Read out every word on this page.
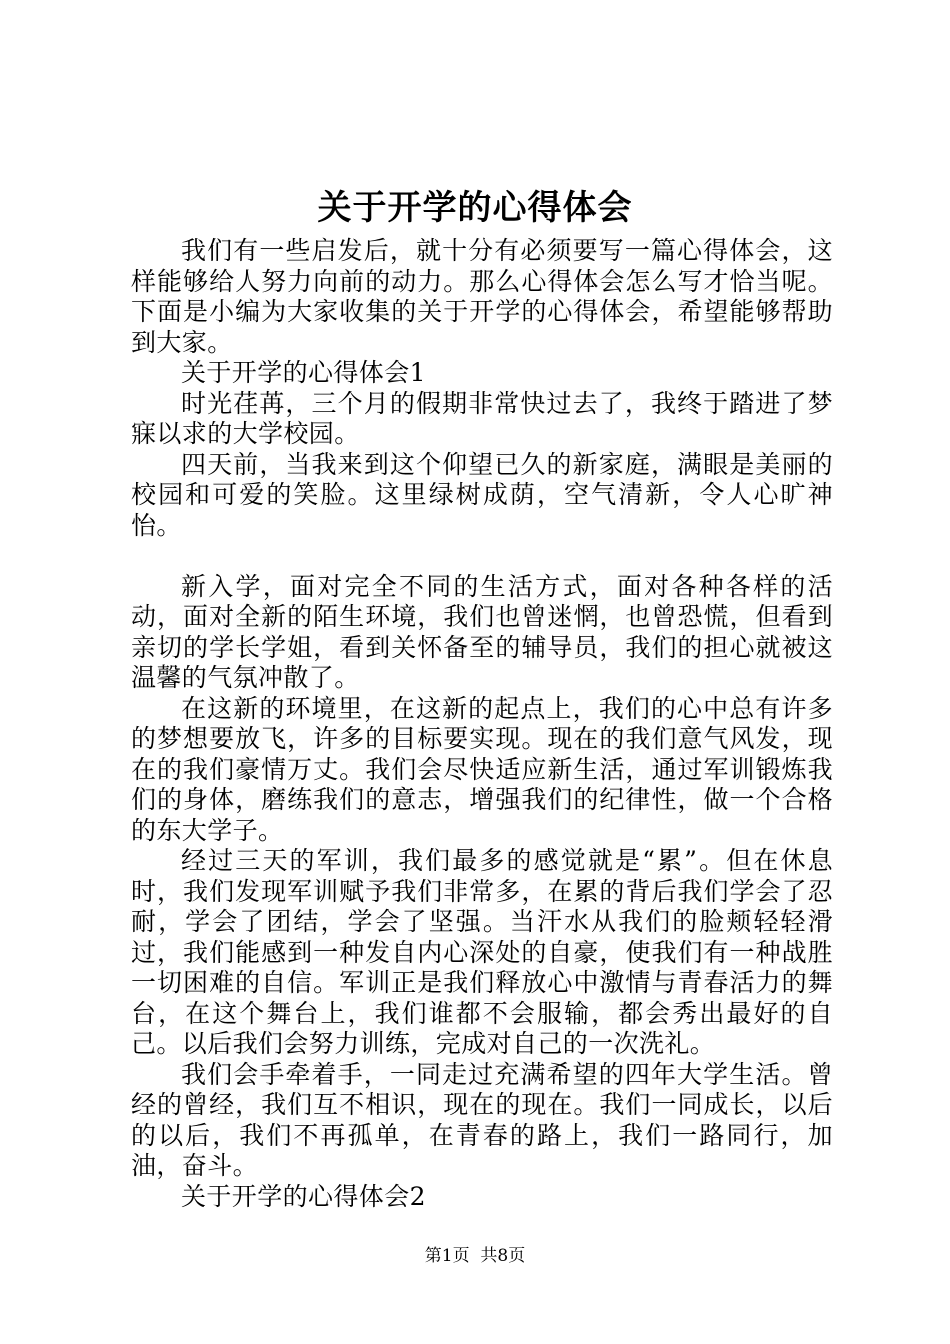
关于开学的心得体会

我们有一些启发后，就十分有必须要写一篇心得体会，这样能够给人努力向前的动力。那么心得体会怎么写才恰当呢。下面是小编为大家收集的关于开学的心得体会，希望能够帮助到大家。

关于开学的心得体会1

时光荏苒，三个月的假期非常快过去了，我终于踏进了梦寐以求的大学校园。

四天前，当我来到这个仰望已久的新家庭，满眼是美丽的校园和可爱的笑脸。这里绿树成荫，空气清新，令人心旷神怡。

新入学，面对完全不同的生活方式，面对各种各样的活动，面对全新的陌生环境，我们也曾迷惘，也曾恐慌，但看到亲切的学长学姐，看到关怀备至的辅导员，我们的担心就被这温馨的气氛冲散了。

在这新的环境里，在这新的起点上，我们的心中总有许多的梦想要放飞，许多的目标要实现。现在的我们意气风发，现在的我们豪情万丈。我们会尽快适应新生活，通过军训锻炼我们的身体，磨练我们的意志，增强我们的纪律性，做一个合格的东大学子。

经过三天的军训，我们最多的感觉就是“累”。但在休息时，我们发现军训赋予我们非常多，在累的背后我们学会了忍耐，学会了团结，学会了坚强。当汗水从我们的脸颊轻轻滑过，我们能感到一种发自内心深处的自豪，使我们有一种战胜一切困难的自信。军训正是我们释放心中激情与青春活力的舞台，在这个舞台上，我们谁都不会服输，都会秀出最好的自己。以后我们会努力训练，完成对自己的一次洗礼。

我们会手牵着手，一同走过充满希望的四年大学生活。曾经的曾经，我们互不相识，现在的现在。我们一同成长，以后的以后，我们不再孤单，在青春的路上，我们一路同行，加油，奋斗。

关于开学的心得体会2

第1页  共8页
